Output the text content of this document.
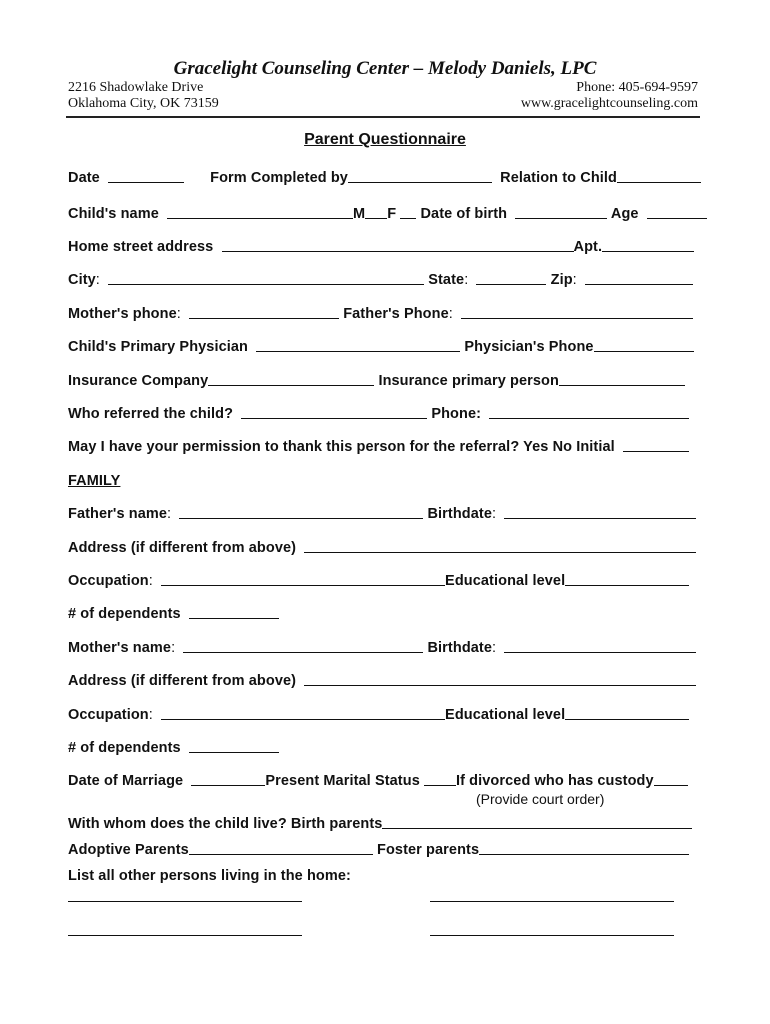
Gracelight Counseling Center – Melody Daniels, LPC
2216 Shadowlake Drive
Oklahoma City, OK 73159
Phone: 405-694-9597
www.gracelightcounseling.com
Parent Questionnaire
Date	Form Completed by	Relation to Child
Child's name	M F Date of birth	Age
Home street address	Apt.
City:	State:	Zip:
Mother's phone:	Father's Phone:
Child's Primary Physician	Physician's Phone
Insurance Company	Insurance primary person
Who referred the child?	Phone:
May I have your permission to thank this person for the referral? Yes No Initial
FAMILY
Father's name:	Birthdate:
Address (if different from above)
Occupation:	Educational level
# of dependents
Mother's name:	Birthdate:
Address (if different from above)
Occupation:	Educational level
# of dependents
Date of Marriage	Present Marital Status If divorced who has custody
(Provide court order)
With whom does the child live? Birth parents
Adoptive Parents	Foster parents
List all other persons living in the home:
